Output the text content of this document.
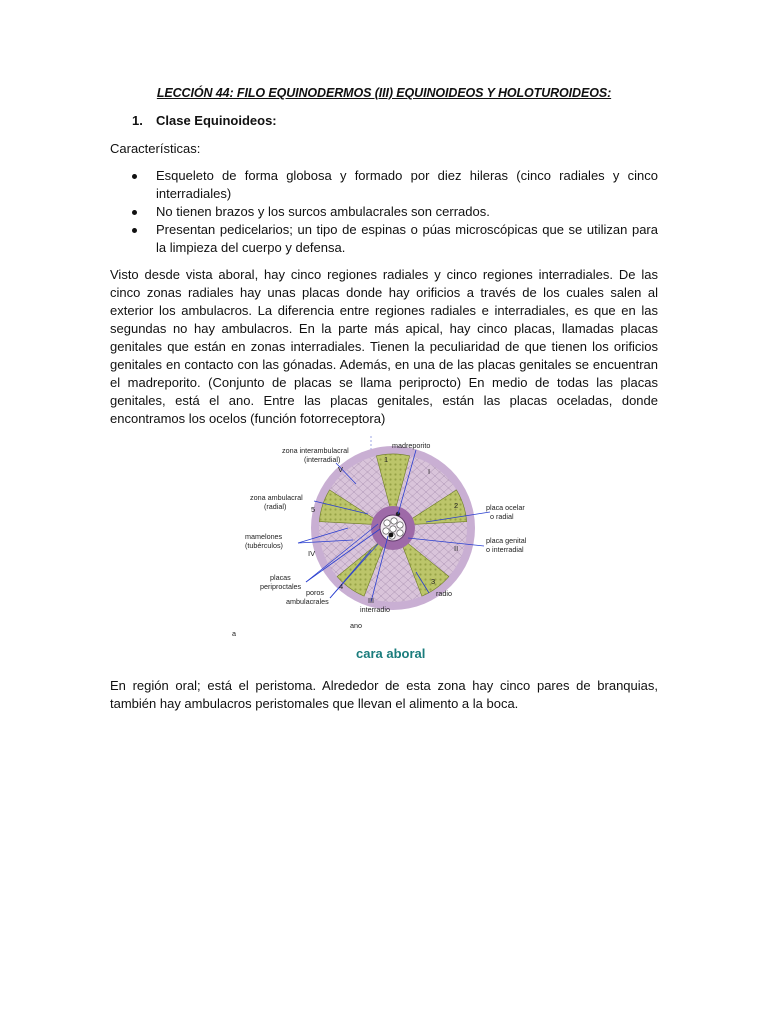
LECCIÓN 44: FILO EQUINODERMOS (III) EQUINOIDEOS Y HOLOTUROIDEOS:
1. Clase Equinoideos:
Características:
Esqueleto de forma globosa y formado por diez hileras (cinco radiales y cinco interradiales)
No tienen brazos y los surcos ambulacrales son cerrados.
Presentan pedicelarios; un tipo de espinas o púas microscópicas que se utilizan para la limpieza del cuerpo y defensa.

Visto desde vista aboral, hay cinco regiones radiales y cinco regiones interradiales. De las cinco zonas radiales hay unas placas donde hay orificios a través de los cuales salen al exterior los ambulacros. La diferencia entre regiones radiales e interradiales, es que en las segundas no hay ambulacros. En la parte más apical, hay cinco placas, llamadas placas genitales que están en zonas interradiales. Tienen la peculiaridad de que tienen los orificios genitales en contacto con las gónadas. Además, en una de las placas genitales se encuentran el madreporito. (Conjunto de placas se llama periprocto) En medio de todas las placas genitales, está el ano. Entre las placas genitales, están las placas oceladas, donde encontramos los ocelos (función fotorreceptora)

zona interambulacral
(interradial)
madreporito
zona ambulacral
(radial)	placa ocelar
o radial
mamelones
(tubérculos)
placa genital
o interradial
placas
periproctales
poros
ambulacrales	III
interradio
radio
ano
a
V
1
I
5	2
IV
II
4
3
cara aboral

En región oral; está el peristoma. Alrededor de esta zona hay cinco pares de branquias, también hay ambulacros peristomales que llevan el alimento a la boca.
